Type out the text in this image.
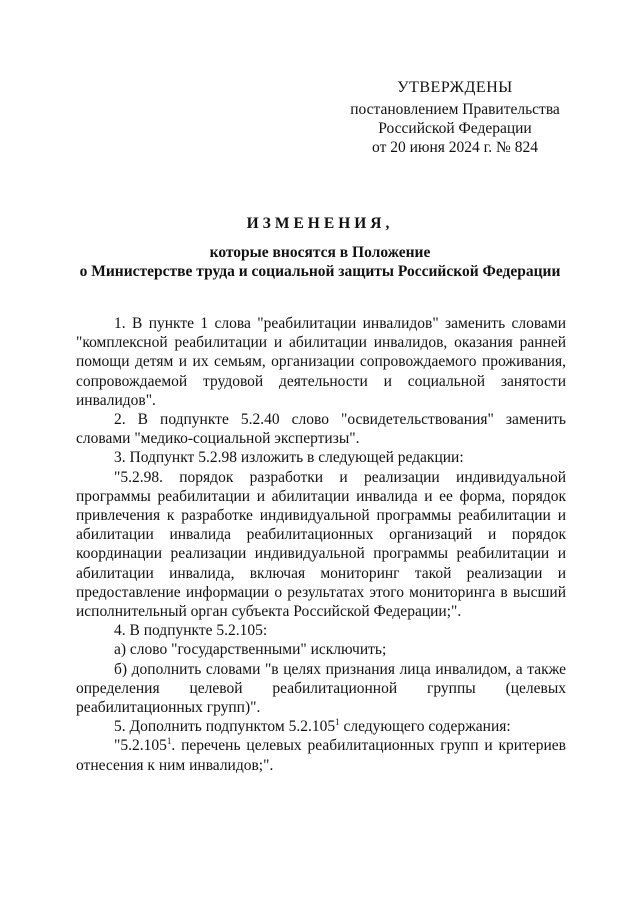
УТВЕРЖДЕНЫ
постановлением Правительства
Российской Федерации
от 20 июня 2024 г. № 824
ИЗМЕНЕНИЯ,
которые вносятся в Положение
о Министерстве труда и социальной защиты Российской Федерации

1. В пункте 1 слова "реабилитации инвалидов" заменить словами "комплексной реабилитации и абилитации инвалидов, оказания ранней помощи детям и их семьям, организации сопровождаемого проживания, сопровождаемой трудовой деятельности и социальной занятости инвалидов".

2. В подпункте 5.2.40 слово "освидетельствования" заменить словами "медико-социальной экспертизы".

3. Подпункт 5.2.98 изложить в следующей редакции:

"5.2.98. порядок разработки и реализации индивидуальной программы реабилитации и абилитации инвалида и ее форма, порядок привлечения к разработке индивидуальной программы реабилитации и абилитации инвалида реабилитационных организаций и порядок координации реализации индивидуальной программы реабилитации и абилитации инвалида, включая мониторинг такой реализации и предоставление информации о результатах этого мониторинга в высший исполнительный орган субъекта Российской Федерации;".

4. В подпункте 5.2.105:

а) слово "государственными" исключить;

б) дополнить словами "в целях признания лица инвалидом, а также определения целевой реабилитационной группы (целевых реабилитационных групп)".

5. Дополнить подпунктом 5.2.105$^1$ следующего содержания:

"5.2.105$^1$. перечень целевых реабилитационных групп и критериев отнесения к ним инвалидов;".
